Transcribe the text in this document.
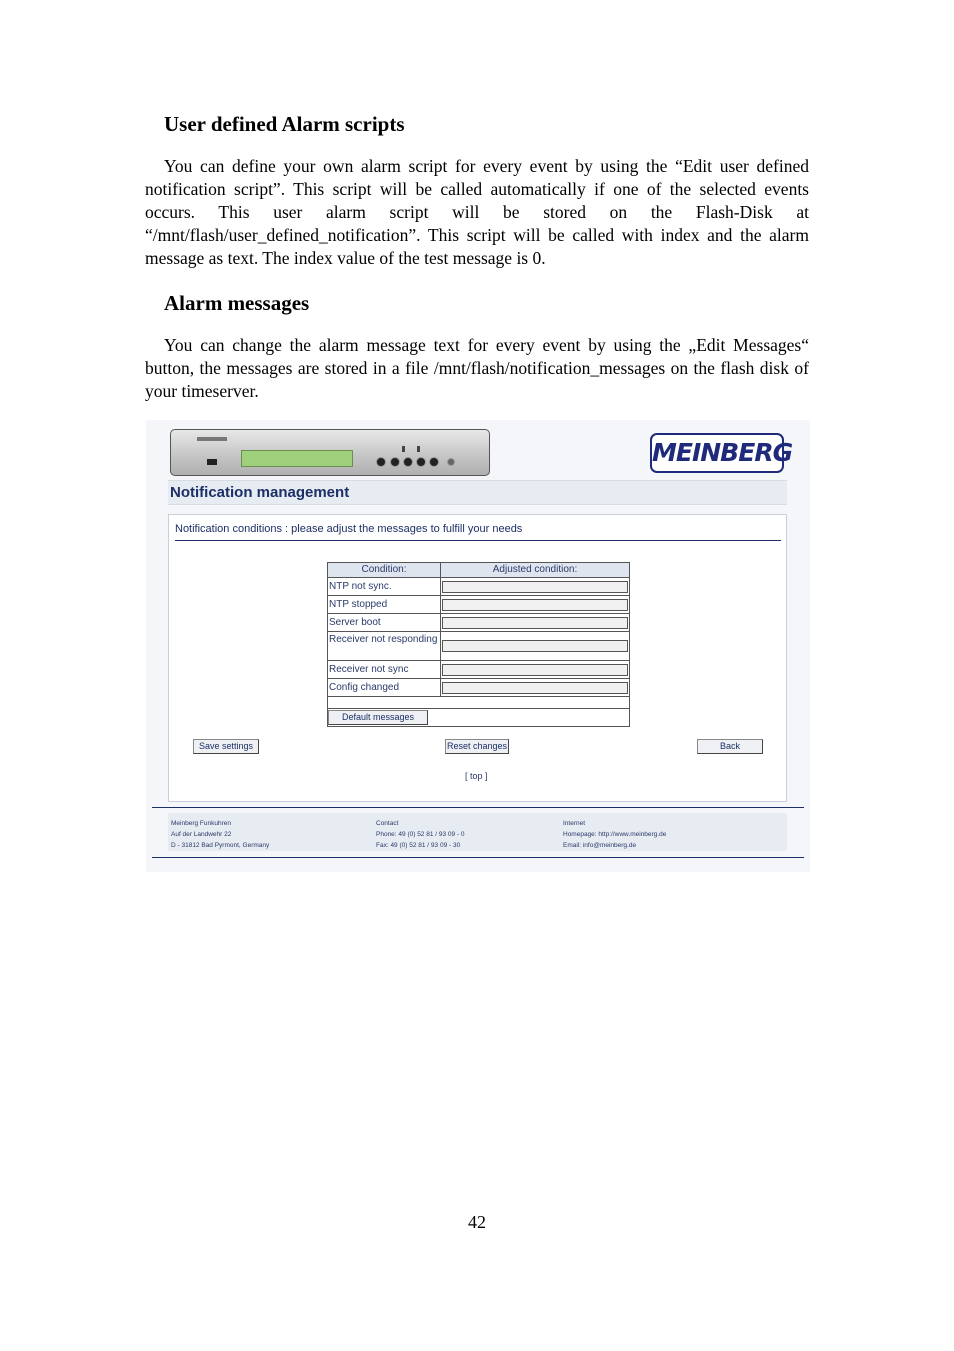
User defined Alarm scripts

You can define your own alarm script for every event by using the “Edit user defined notification script”. This script will be called automatically if one of the selected events occurs. This user alarm script will be stored on the Flash-Disk at “/mnt/flash/user_defined_notification”. This script will be called with index and the alarm message as text. The index value of the test message is 0.

Alarm messages

You can change the alarm message text for every event by using the „Edit Messages“ button, the messages are stored in a file /mnt/flash/notification_messages on the flash disk of your timeserver.

MEINBERG
Notification management
Notification conditions : please adjust the messages to fulfill your needs
Condition:	Adjusted condition:
NTP not sync.
NTP stopped
Server boot
Receiver not responding
Receiver not sync
Config changed
Default messages
Save settings	Reset changes	Back
[ top ]
Meinberg Funkuhren
Auf der Landwehr 22
D - 31812 Bad Pyrmont, Germany
Contact
Phone: 49 (0) 52 81 / 93 09 - 0
Fax: 49 (0) 52 81 / 93 09 - 30
Internet
Homepage: http://www.meinberg.de
Email: info@meinberg.de
42
